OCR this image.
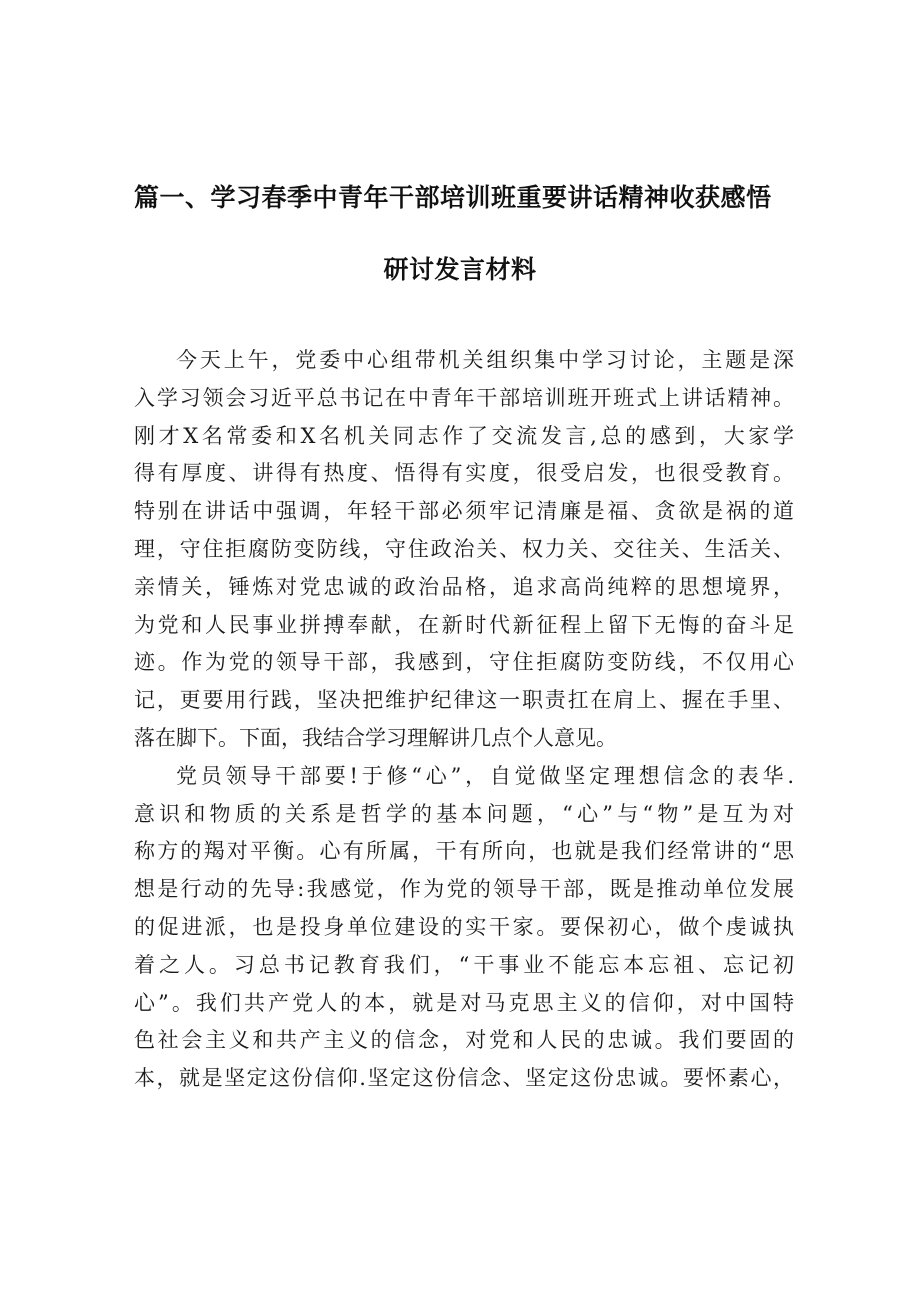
篇一、学习春季中青年干部培训班重要讲话精神收获感悟
研讨发言材料
今天上午，党委中心组带机关组织集中学习讨论，主题是深
入学习领会习近平总书记在中青年干部培训班开班式上讲话精神。
刚才X名常委和X名机关同志作了交流发言,总的感到，大家学
得有厚度、讲得有热度、悟得有实度，很受启发，也很受教育。
特别在讲话中强调，年轻干部必须牢记清廉是福、贪欲是祸的道
理，守住拒腐防变防线，守住政治关、权力关、交往关、生活关、
亲情关，锤炼对党忠诚的政治品格，追求高尚纯粹的思想境界，
为党和人民事业拼搏奉献，在新时代新征程上留下无悔的奋斗足
迹。作为党的领导干部，我感到，守住拒腐防变防线，不仅用心
记，更要用行践，坚决把维护纪律这一职责扛在肩上、握在手里、
落在脚下。下面，我结合学习理解讲几点个人意见。
党员领导干部要!于修“心”，自觉做坚定理想信念的表华.
意识和物质的关系是哲学的基本问题，“心”与“物”是互为对
称方的羯对平衡。心有所属，干有所向，也就是我们经常讲的“思
想是行动的先导:我感觉，作为党的领导干部，既是推动单位发展
的促进派，也是投身单位建设的实干家。要保初心，做个虔诚执
着之人。习总书记教育我们，“干事业不能忘本忘祖、忘记初
心”。我们共产党人的本，就是对马克思主义的信仰，对中国特
色社会主义和共产主义的信念，对党和人民的忠诚。我们要固的
本，就是坚定这份信仰.坚定这份信念、坚定这份忠诚。要怀素心，
